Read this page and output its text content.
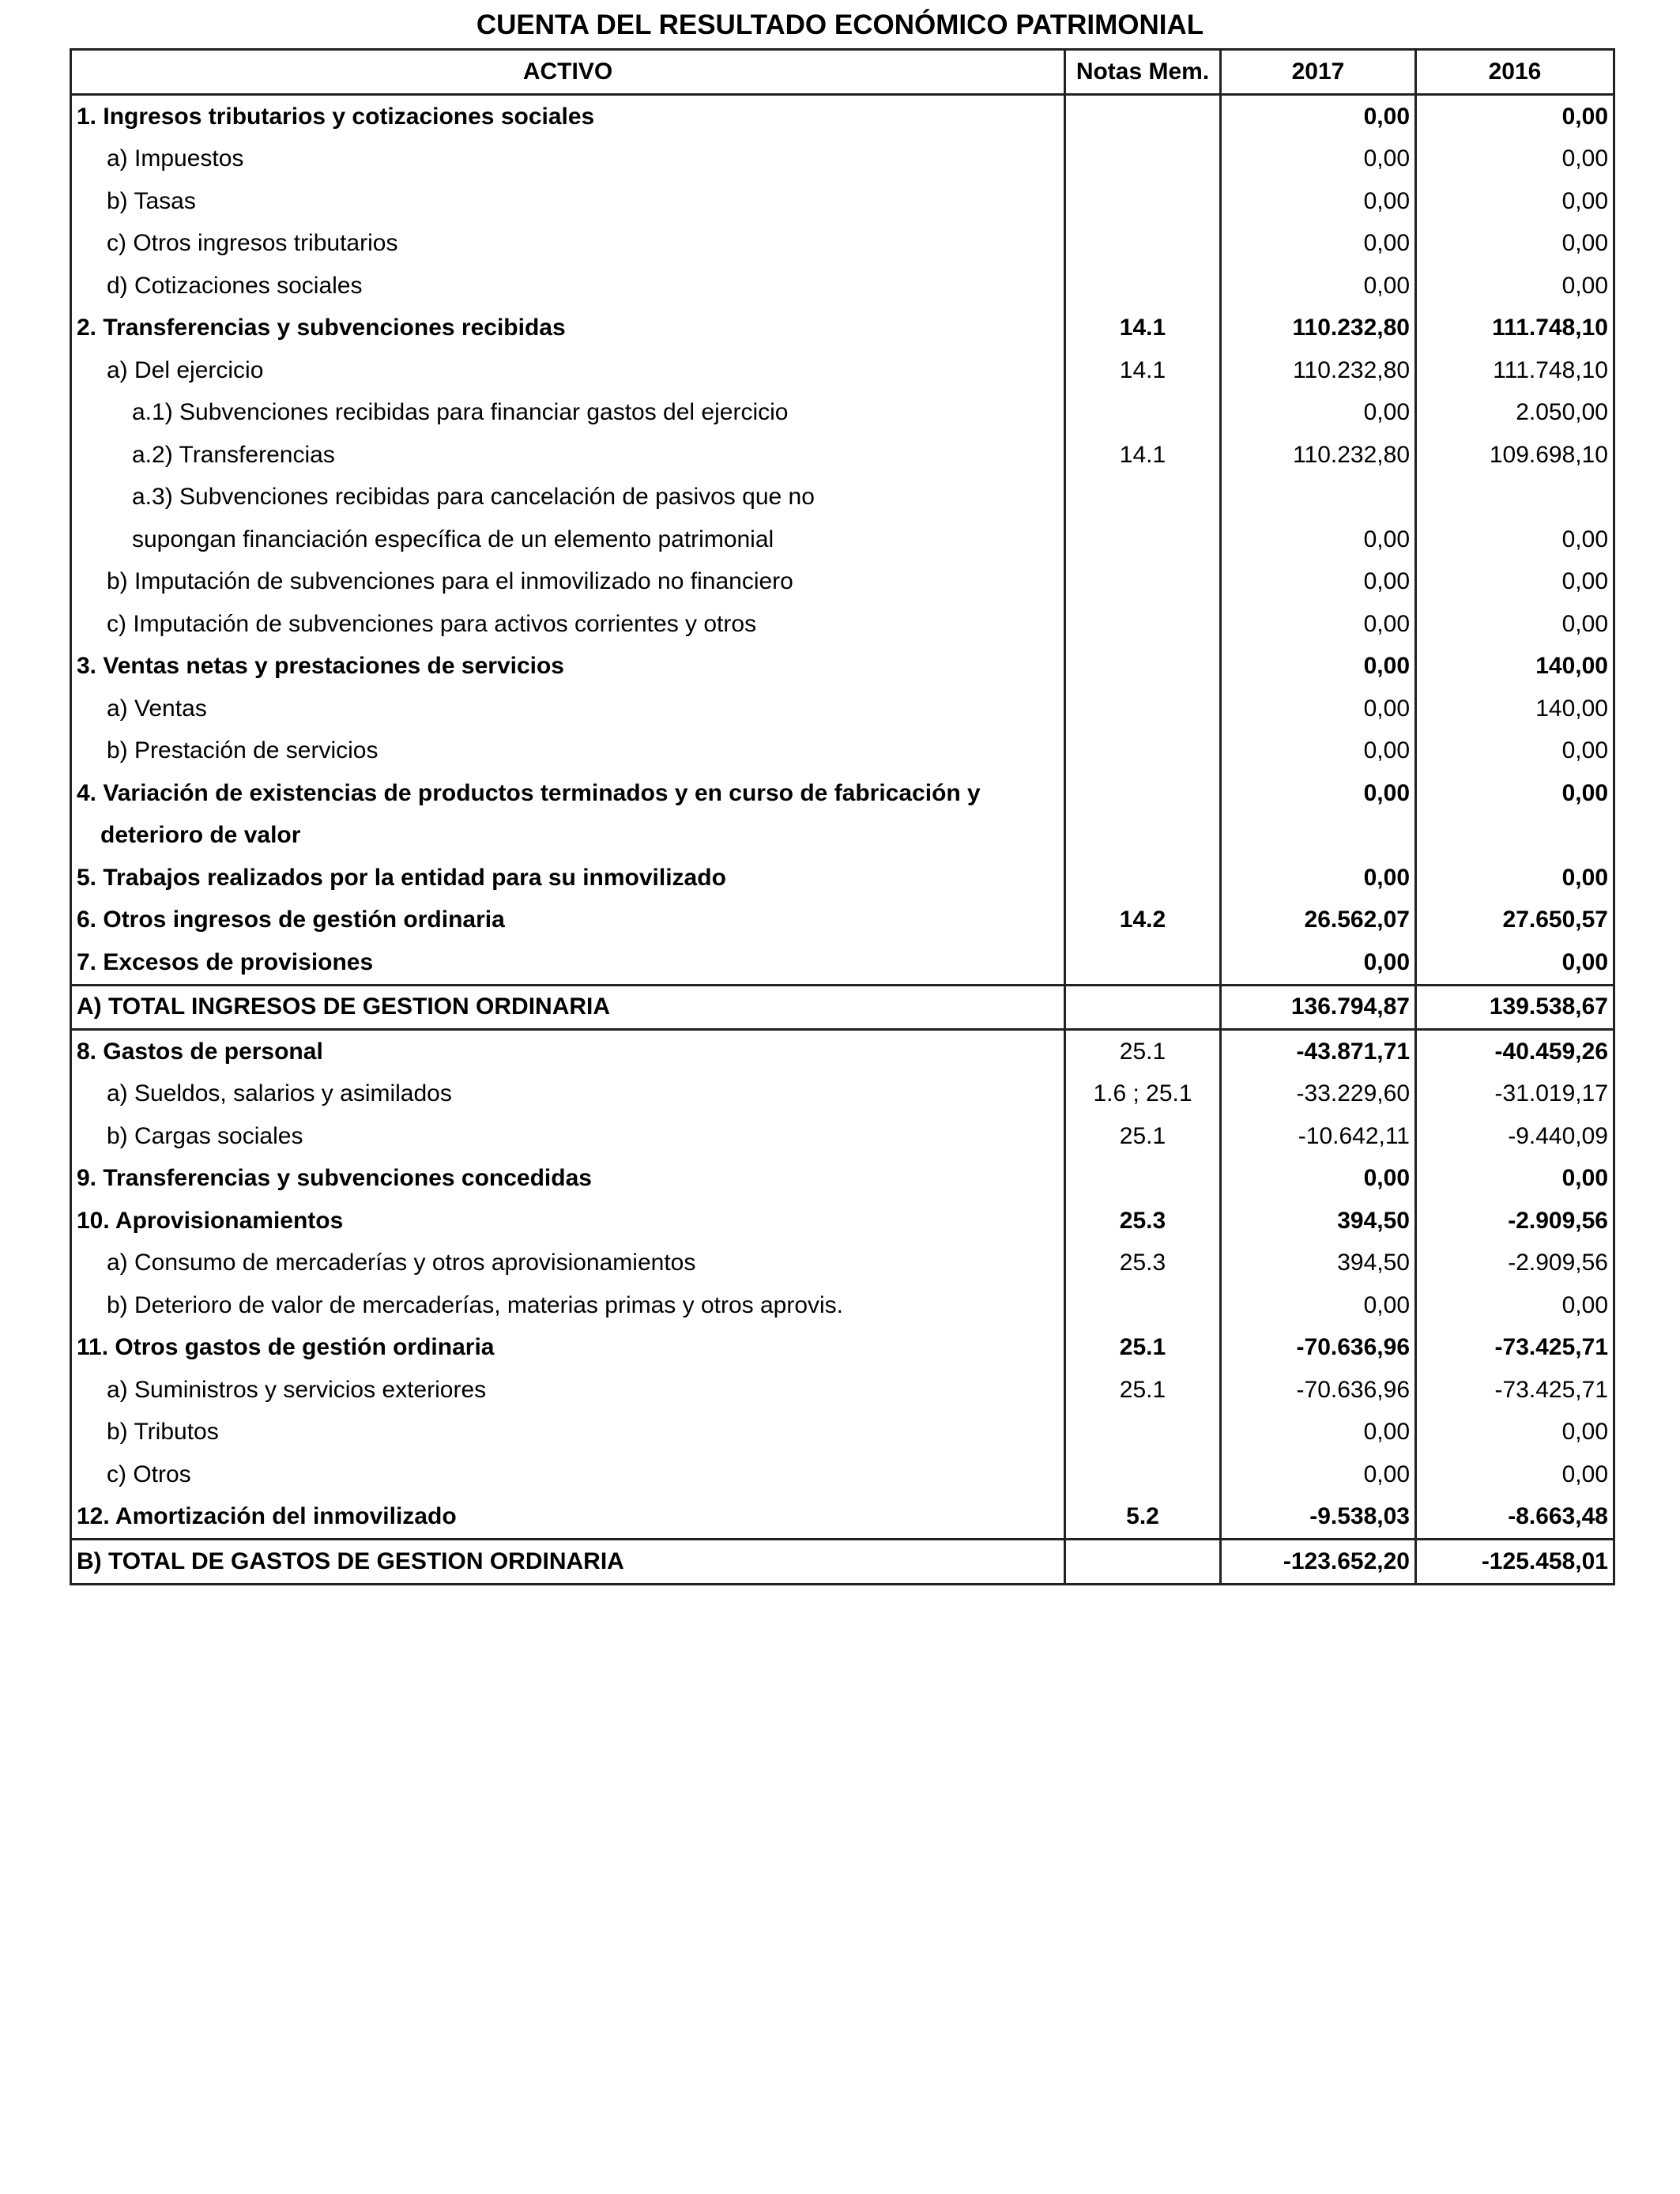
CUENTA DEL RESULTADO ECONÓMICO PATRIMONIAL
ACTIVO	Notas Mem.	2017	2016
1. Ingresos tributarios y cotizaciones sociales		0,00	0,00
a) Impuestos		0,00	0,00
b) Tasas		0,00	0,00
c) Otros ingresos tributarios		0,00	0,00
d) Cotizaciones sociales		0,00	0,00
2. Transferencias y subvenciones recibidas	14.1	110.232,80	111.748,10
a) Del ejercicio	14.1	110.232,80	111.748,10
a.1) Subvenciones recibidas para financiar gastos del ejercicio		0,00	2.050,00
a.2) Transferencias	14.1	110.232,80	109.698,10
a.3) Subvenciones recibidas para cancelación de pasivos que no			
supongan financiación específica de un elemento patrimonial		0,00	0,00
b) Imputación de subvenciones para el inmovilizado no financiero		0,00	0,00
c) Imputación de subvenciones para activos corrientes y otros		0,00	0,00
3. Ventas netas y prestaciones de servicios		0,00	140,00
a) Ventas		0,00	140,00
b) Prestación de servicios		0,00	0,00
4. Variación de existencias de productos terminados y en curso de fabricación y		0,00	0,00
deterioro de valor			
5. Trabajos realizados por la entidad para su inmovilizado		0,00	0,00
6. Otros ingresos de gestión ordinaria	14.2	26.562,07	27.650,57
7. Excesos de provisiones		0,00	0,00
A) TOTAL INGRESOS DE GESTION ORDINARIA		136.794,87	139.538,67
8. Gastos de personal	25.1	-43.871,71	-40.459,26
a) Sueldos, salarios y asimilados	1.6 ; 25.1	-33.229,60	-31.019,17
b) Cargas sociales	25.1	-10.642,11	-9.440,09
9. Transferencias y subvenciones concedidas		0,00	0,00
10. Aprovisionamientos	25.3	394,50	-2.909,56
a) Consumo de mercaderías y otros aprovisionamientos	25.3	394,50	-2.909,56
b) Deterioro de valor de mercaderías, materias primas y otros aprovis.		0,00	0,00
11. Otros gastos de gestión ordinaria	25.1	-70.636,96	-73.425,71
a) Suministros y servicios exteriores	25.1	-70.636,96	-73.425,71
b) Tributos		0,00	0,00
c) Otros		0,00	0,00
12. Amortización del inmovilizado	5.2	-9.538,03	-8.663,48
B) TOTAL DE GASTOS DE GESTION ORDINARIA		-123.652,20	-125.458,01
